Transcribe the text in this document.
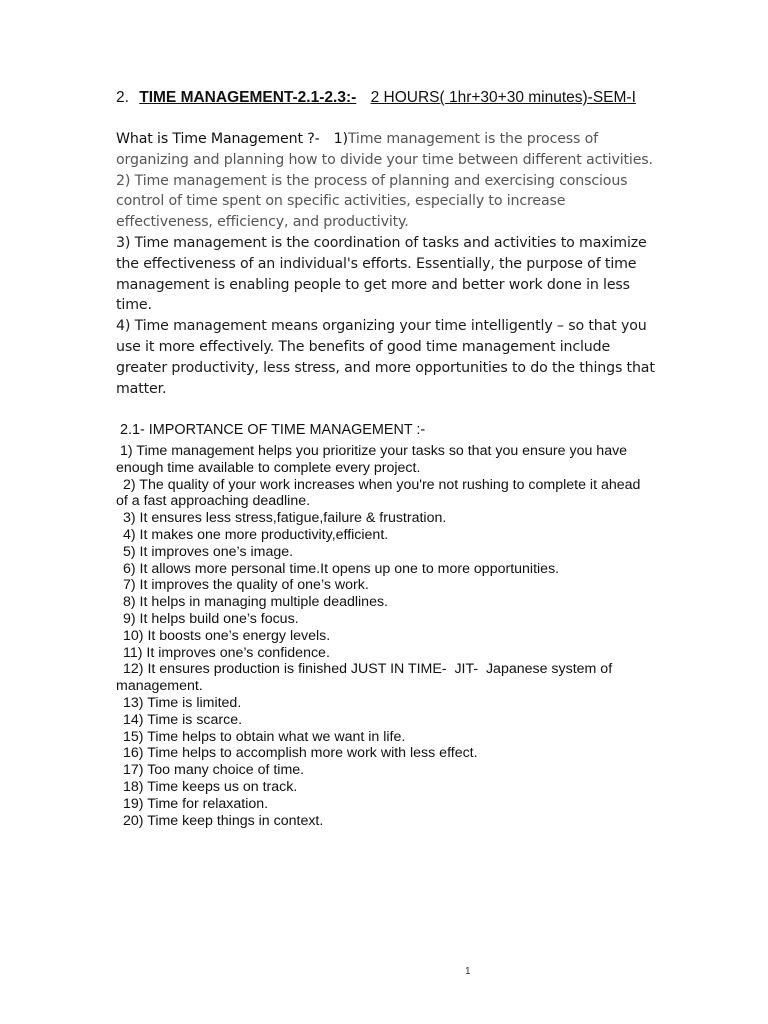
2. TIME MANAGEMENT-2.1-2.3:- 2 HOURS( 1hr+30+30 minutes)-SEM-I

What is Time Management ?- 1)Time management is the process of organizing and planning how to divide your time between different activities.

2) Time management is the process of planning and exercising conscious control of time spent on specific activities, especially to increase effectiveness, efficiency, and productivity.

3) Time management is the coordination of tasks and activities to maximize the effectiveness of an individual's efforts. Essentially, the purpose of time management is enabling people to get more and better work done in less time.

4) Time management means organizing your time intelligently – so that you use it more effectively. The benefits of good time management include greater productivity, less stress, and more opportunities to do the things that matter.

2.1- IMPORTANCE OF TIME MANAGEMENT :-

1) Time management helps you prioritize your tasks so that you ensure you have enough time available to complete every project.

2) The quality of your work increases when you're not rushing to complete it ahead of a fast approaching deadline.

3) It ensures less stress,fatigue,failure & frustration.

4) It makes one more productivity,efficient.

5) It improves one’s image.

6) It allows more personal time.It opens up one to more opportunities.

7) It improves the quality of one’s work.

8) It helps in managing multiple deadlines.

9) It helps build one’s focus.

10) It boosts one’s energy levels.

11) It improves one’s confidence.

12) It ensures production is finished JUST IN TIME-  JIT-  Japanese system of management.

13) Time is limited.

14) Time is scarce.

15) Time helps to obtain what we want in life.

16) Time helps to accomplish more work with less effect.

17) Too many choice of time.

18) Time keeps us on track.

19) Time for relaxation.

20) Time keep things in context.

1
